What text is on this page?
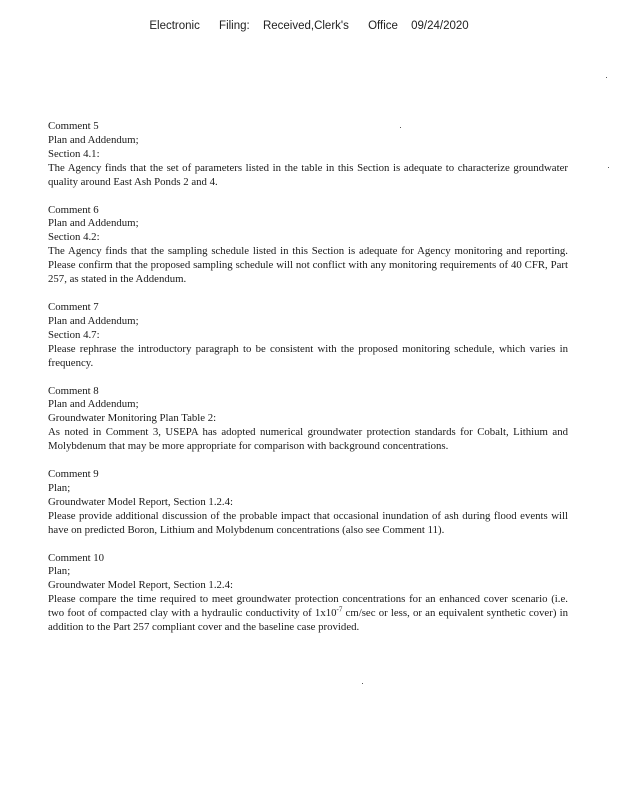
Electronic Filing: Received,Clerk's Office 09/24/2020
Comment 5
Plan and Addendum;
Section 4.1:
The Agency finds that the set of parameters listed in the table in this Section is adequate to characterize groundwater quality around East Ash Ponds 2 and 4.
Comment 6
Plan and Addendum;
Section 4.2:
The Agency finds that the sampling schedule listed in this Section is adequate for Agency monitoring and reporting. Please confirm that the proposed sampling schedule will not conflict with any monitoring requirements of 40 CFR, Part 257, as stated in the Addendum.
Comment 7
Plan and Addendum;
Section 4.7:
Please rephrase the introductory paragraph to be consistent with the proposed monitoring schedule, which varies in frequency.
Comment 8
Plan and Addendum;
Groundwater Monitoring Plan Table 2:
As noted in Comment 3, USEPA has adopted numerical groundwater protection standards for Cobalt, Lithium and Molybdenum that may be more appropriate for comparison with background concentrations.
Comment 9
Plan;
Groundwater Model Report, Section 1.2.4:
Please provide additional discussion of the probable impact that occasional inundation of ash during flood events will have on predicted Boron, Lithium and Molybdenum concentrations (also see Comment 11).
Comment 10
Plan;
Groundwater Model Report, Section 1.2.4:
Please compare the time required to meet groundwater protection concentrations for an enhanced cover scenario (i.e. two foot of compacted clay with a hydraulic conductivity of $1x10^{-7}$ cm/sec or less, or an equivalent synthetic cover) in addition to the Part 257 compliant cover and the baseline case provided.
